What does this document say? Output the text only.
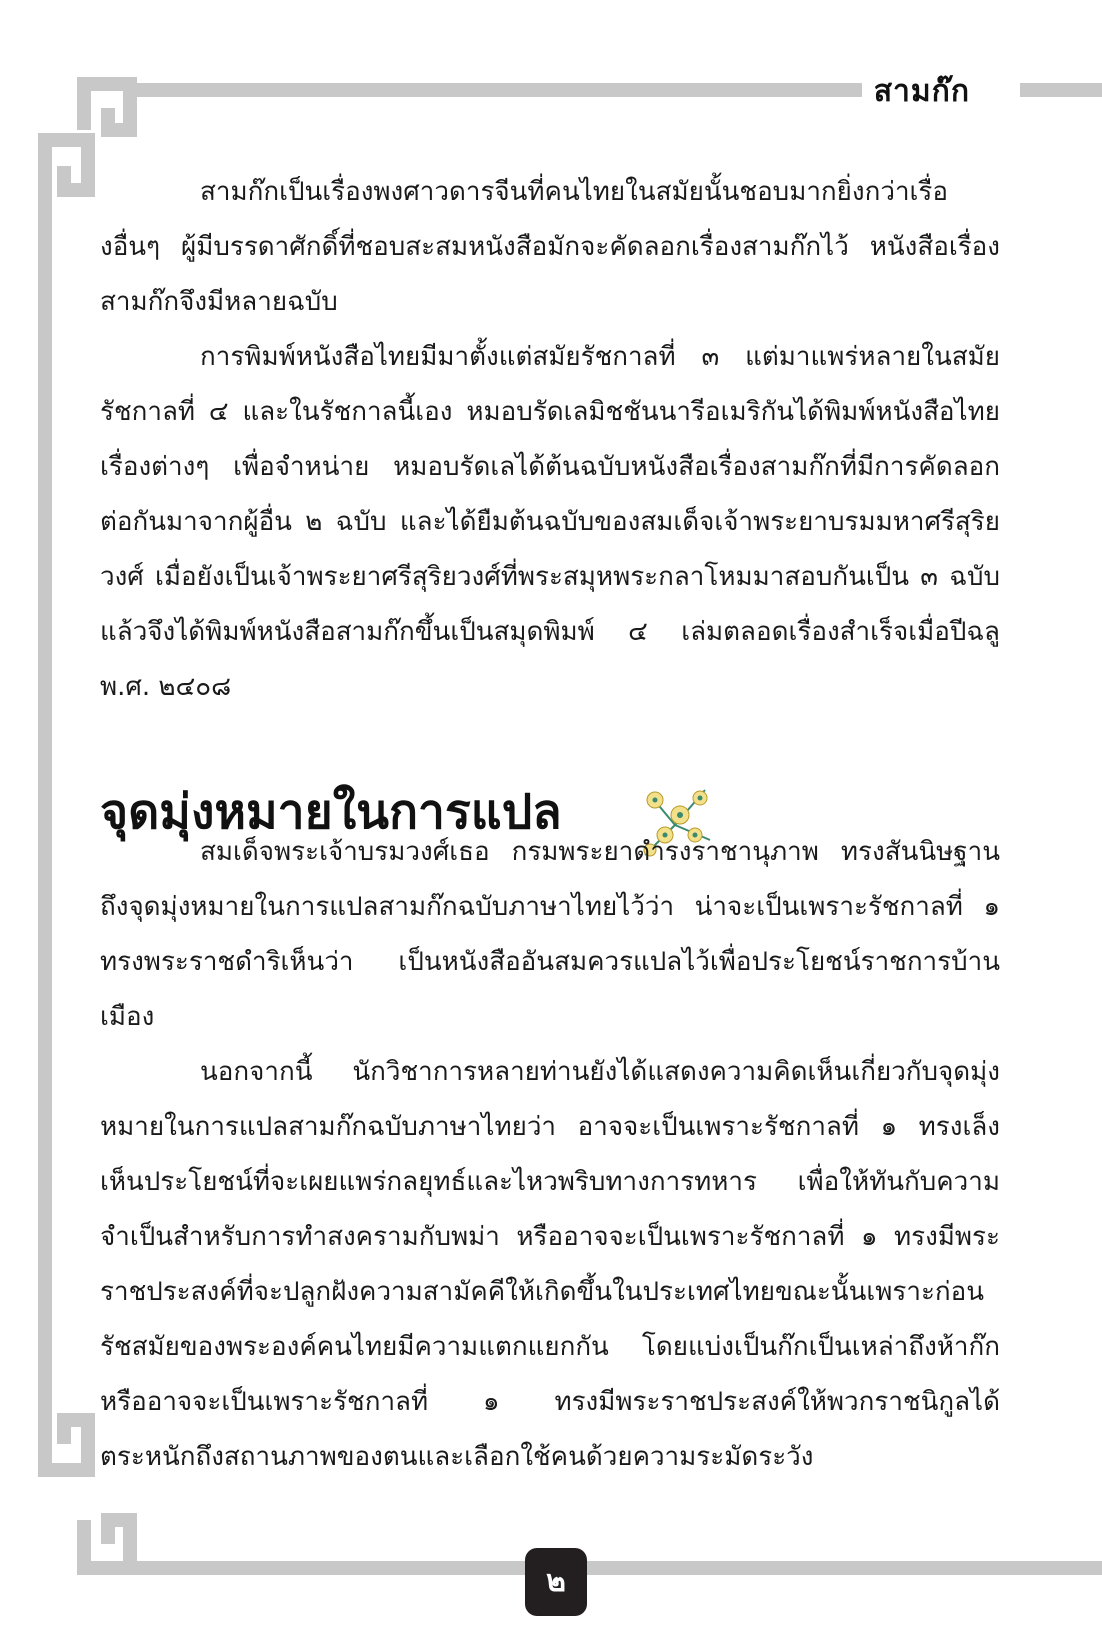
สามก๊ก

สามก๊กเป็นเรื่องพงศาวดารจีนที่คนไทยในสมัยนั้นชอบมากยิ่งกว่าเรื่องอื่นๆ ผู้มีบรรดาศักดิ์ที่ชอบสะสมหนังสือมักจะคัดลอกเรื่องสามก๊กไว้ หนังสือเรื่องสามก๊กจึงมีหลายฉบับ

การพิมพ์หนังสือไทยมีมาตั้งแต่สมัยรัชกาลที่ ๓ แต่มาแพร่หลายในสมัยรัชกาลที่ ๔ และในรัชกาลนี้เอง หมอบรัดเลมิชชันนารีอเมริกันได้พิมพ์หนังสือไทยเรื่องต่างๆ เพื่อจำหน่าย หมอบรัดเลได้ต้นฉบับหนังสือเรื่องสามก๊กที่มีการคัดลอกต่อกันมาจากผู้อื่น ๒ ฉบับ และได้ยืมต้นฉบับของสมเด็จเจ้าพระยาบรมมหาศรีสุริยวงศ์ เมื่อยังเป็นเจ้าพระยาศรีสุริยวงศ์ที่พระสมุหพระกลาโหมมาสอบกันเป็น ๓ ฉบับ แล้วจึงได้พิมพ์หนังสือสามก๊กขึ้นเป็นสมุดพิมพ์ ๔ เล่มตลอดเรื่องสำเร็จเมื่อปีฉลู พ.ศ. ๒๔๐๘

จุดมุ่งหมายในการแปล

สมเด็จพระเจ้าบรมวงศ์เธอ กรมพระยาดำรงราชานุภาพ ทรงสันนิษฐานถึงจุดมุ่งหมายในการแปลสามก๊กฉบับภาษาไทยไว้ว่า น่าจะเป็นเพราะรัชกาลที่ ๑ ทรงพระราชดำริเห็นว่า เป็นหนังสืออันสมควรแปลไว้เพื่อประโยชน์ราชการบ้านเมือง

นอกจากนี้ นักวิชาการหลายท่านยังได้แสดงความคิดเห็นเกี่ยวกับจุดมุ่งหมายในการแปลสามก๊กฉบับภาษาไทยว่า อาจจะเป็นเพราะรัชกาลที่ ๑ ทรงเล็งเห็นประโยชน์ที่จะเผยแพร่กลยุทธ์และไหวพริบทางการทหาร เพื่อให้ทันกับความจำเป็นสำหรับการทำสงครามกับพม่า หรืออาจจะเป็นเพราะรัชกาลที่ ๑ ทรงมีพระราชประสงค์ที่จะปลูกฝังความสามัคคีให้เกิดขึ้นในประเทศไทยขณะนั้นเพราะก่อนรัชสมัยของพระองค์คนไทยมีความแตกแยกกัน โดยแบ่งเป็นก๊กเป็นเหล่าถึงห้าก๊ก หรืออาจจะเป็นเพราะรัชกาลที่ ๑ ทรงมีพระราชประสงค์ให้พวกราชนิกูลได้ตระหนักถึงสถานภาพของตนและเลือกใช้คนด้วยความระมัดระวัง

๒
